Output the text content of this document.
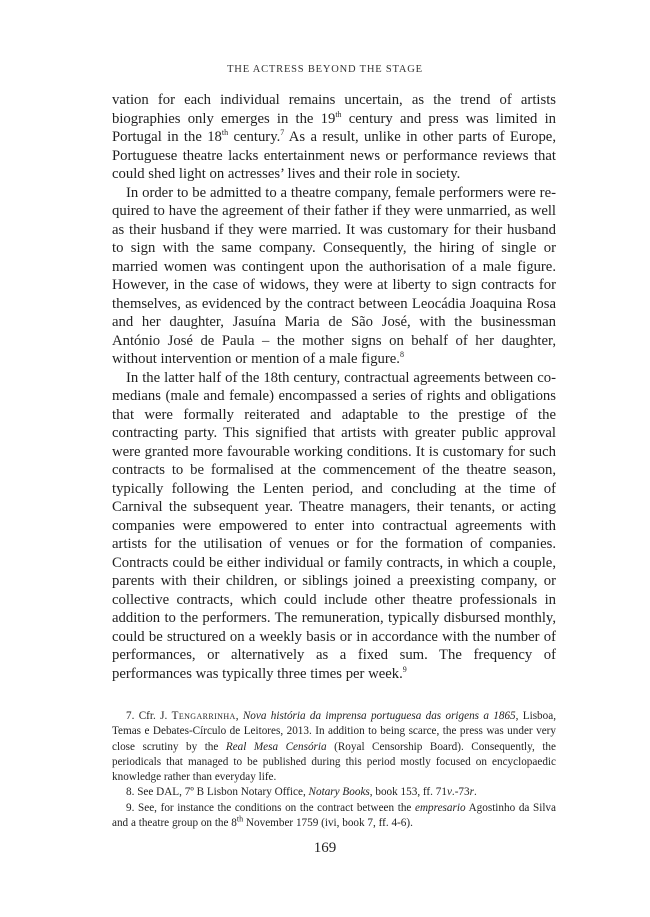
THE ACTRESS BEYOND THE STAGE

vation for each individual remains uncertain, as the trend of artists biographies only emerges in the 19th century and press was limited in Portugal in the 18th century.$^7$ As a result, unlike in other parts of Europe, Portuguese theatre lacks entertainment news or performance reviews that could shed light on actresses’ lives and their role in society.

In order to be admitted to a theatre company, female performers were required to have the agreement of their father if they were unmarried, as well as their husband if they were married. It was customary for their husband to sign with the same company. Consequently, the hiring of single or married women was contingent upon the authorisation of a male figure. However, in the case of widows, they were at liberty to sign contracts for themselves, as evidenced by the contract between Leocádia Joaquina Rosa and her daughter, Jasuína Maria de São José, with the businessman António José de Paula – the mother signs on behalf of her daughter, without intervention or mention of a male figure.$^8$

In the latter half of the 18th century, contractual agreements between comedians (male and female) encompassed a series of rights and obligations that were formally reiterated and adaptable to the prestige of the contracting party. This signified that artists with greater public approval were granted more favourable working conditions. It is customary for such contracts to be formalised at the commencement of the theatre season, typically following the Lenten period, and concluding at the time of Carnival the subsequent year. Theatre managers, their tenants, or acting companies were empowered to enter into contractual agreements with artists for the utilisation of venues or for the formation of companies. Contracts could be either individual or family contracts, in which a couple, parents with their children, or siblings joined a preexisting company, or collective contracts, which could include other theatre professionals in addition to the performers. The remuneration, typically disbursed monthly, could be structured on a weekly basis or in accordance with the number of performances, or alternatively as a fixed sum. The frequency of performances was typically three times per week.$^9$

7. Cfr. J. Tengarrinha, Nova história da imprensa portuguesa das origens a 1865, Lisboa, Temas e Debates-Círculo de Leitores, 2013. In addition to being scarce, the press was under very close scrutiny by the Real Mesa Censória (Royal Censorship Board). Consequently, the periodicals that managed to be published during this period mostly focused on encyclopaedic knowledge rather than everyday life.

8. See DAL, 7º B Lisbon Notary Office, Notary Books, book 153, ff. 71v.-73r.

9. See, for instance the conditions on the contract between the empresario Agostinho da Silva and a theatre group on the 8th November 1759 (ivi, book 7, ff. 4-6).

169
